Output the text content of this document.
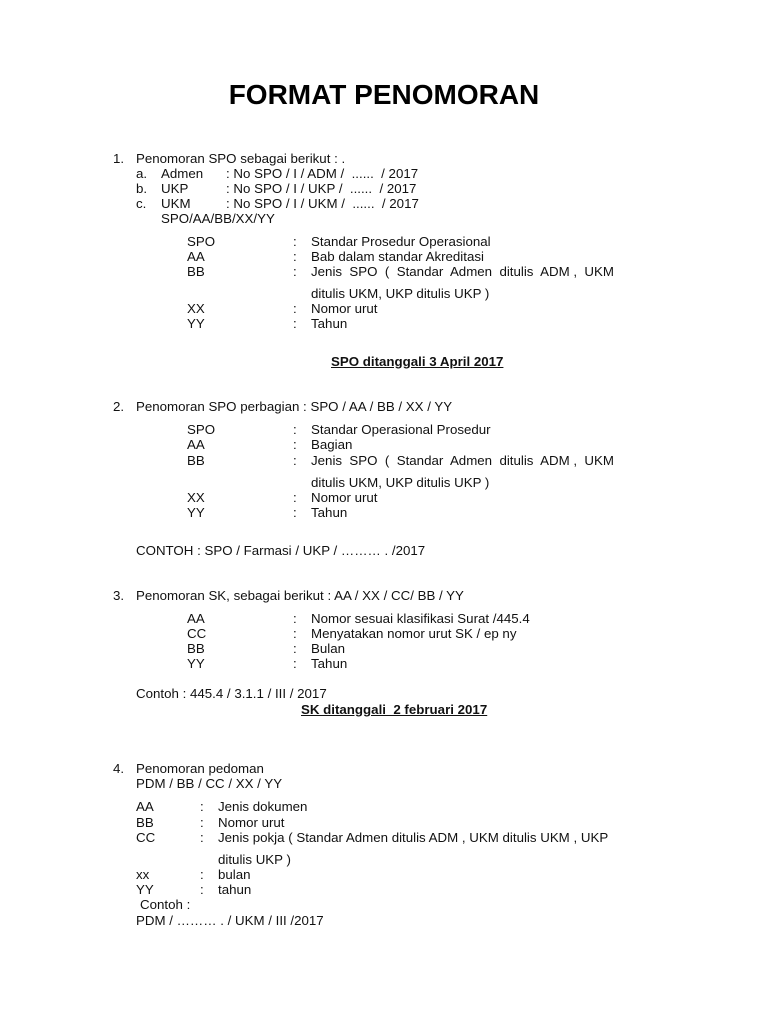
FORMAT PENOMORAN
1. Penomoran SPO sebagai berikut : .
a. Admen : No SPO / I / ADM /  ......  / 2017
b. UKP	: No SPO / I / UKP /  ......  / 2017
c. UKM	: No SPO / I / UKM /  ......  / 2017
SPO/AA/BB/XX/YY
SPO	: Standar Prosedur Operasional
AA	: Bab dalam standar Akreditasi
BB	: Jenis  SPO  (  Standar  Admen  ditulis  ADM ,  UKM
ditulis UKM, UKP ditulis UKP )
XX	: Nomor urut
YY	: Tahun
SPO ditanggali 3 April 2017
2. Penomoran SPO perbagian : SPO / AA / BB / XX / YY
SPO	: Standar Operasional Prosedur
AA	: Bagian
BB	: Jenis  SPO  (  Standar  Admen  ditulis  ADM ,  UKM
ditulis UKM, UKP ditulis UKP )
XX	: Nomor urut
YY	: Tahun
CONTOH : SPO / Farmasi / UKP / ……… . /2017
3. Penomoran SK, sebagai berikut : AA / XX / CC/ BB / YY
AA	: Nomor sesuai klasifikasi Surat /445.4
CC	: Menyatakan nomor urut SK / ep ny
BB	: Bulan
YY	: Tahun
Contoh : 445.4 / 3.1.1 / III / 2017
SK ditanggali  2 februari 2017
4. Penomoran pedoman
PDM / BB / CC / XX / YY
AA	: Jenis dokumen
BB	: Nomor urut
CC	: Jenis pokja ( Standar Admen ditulis ADM , UKM ditulis UKM , UKP
ditulis UKP )
xx	: bulan
YY	: tahun
Contoh :
PDM / ……… . / UKM / III /2017
